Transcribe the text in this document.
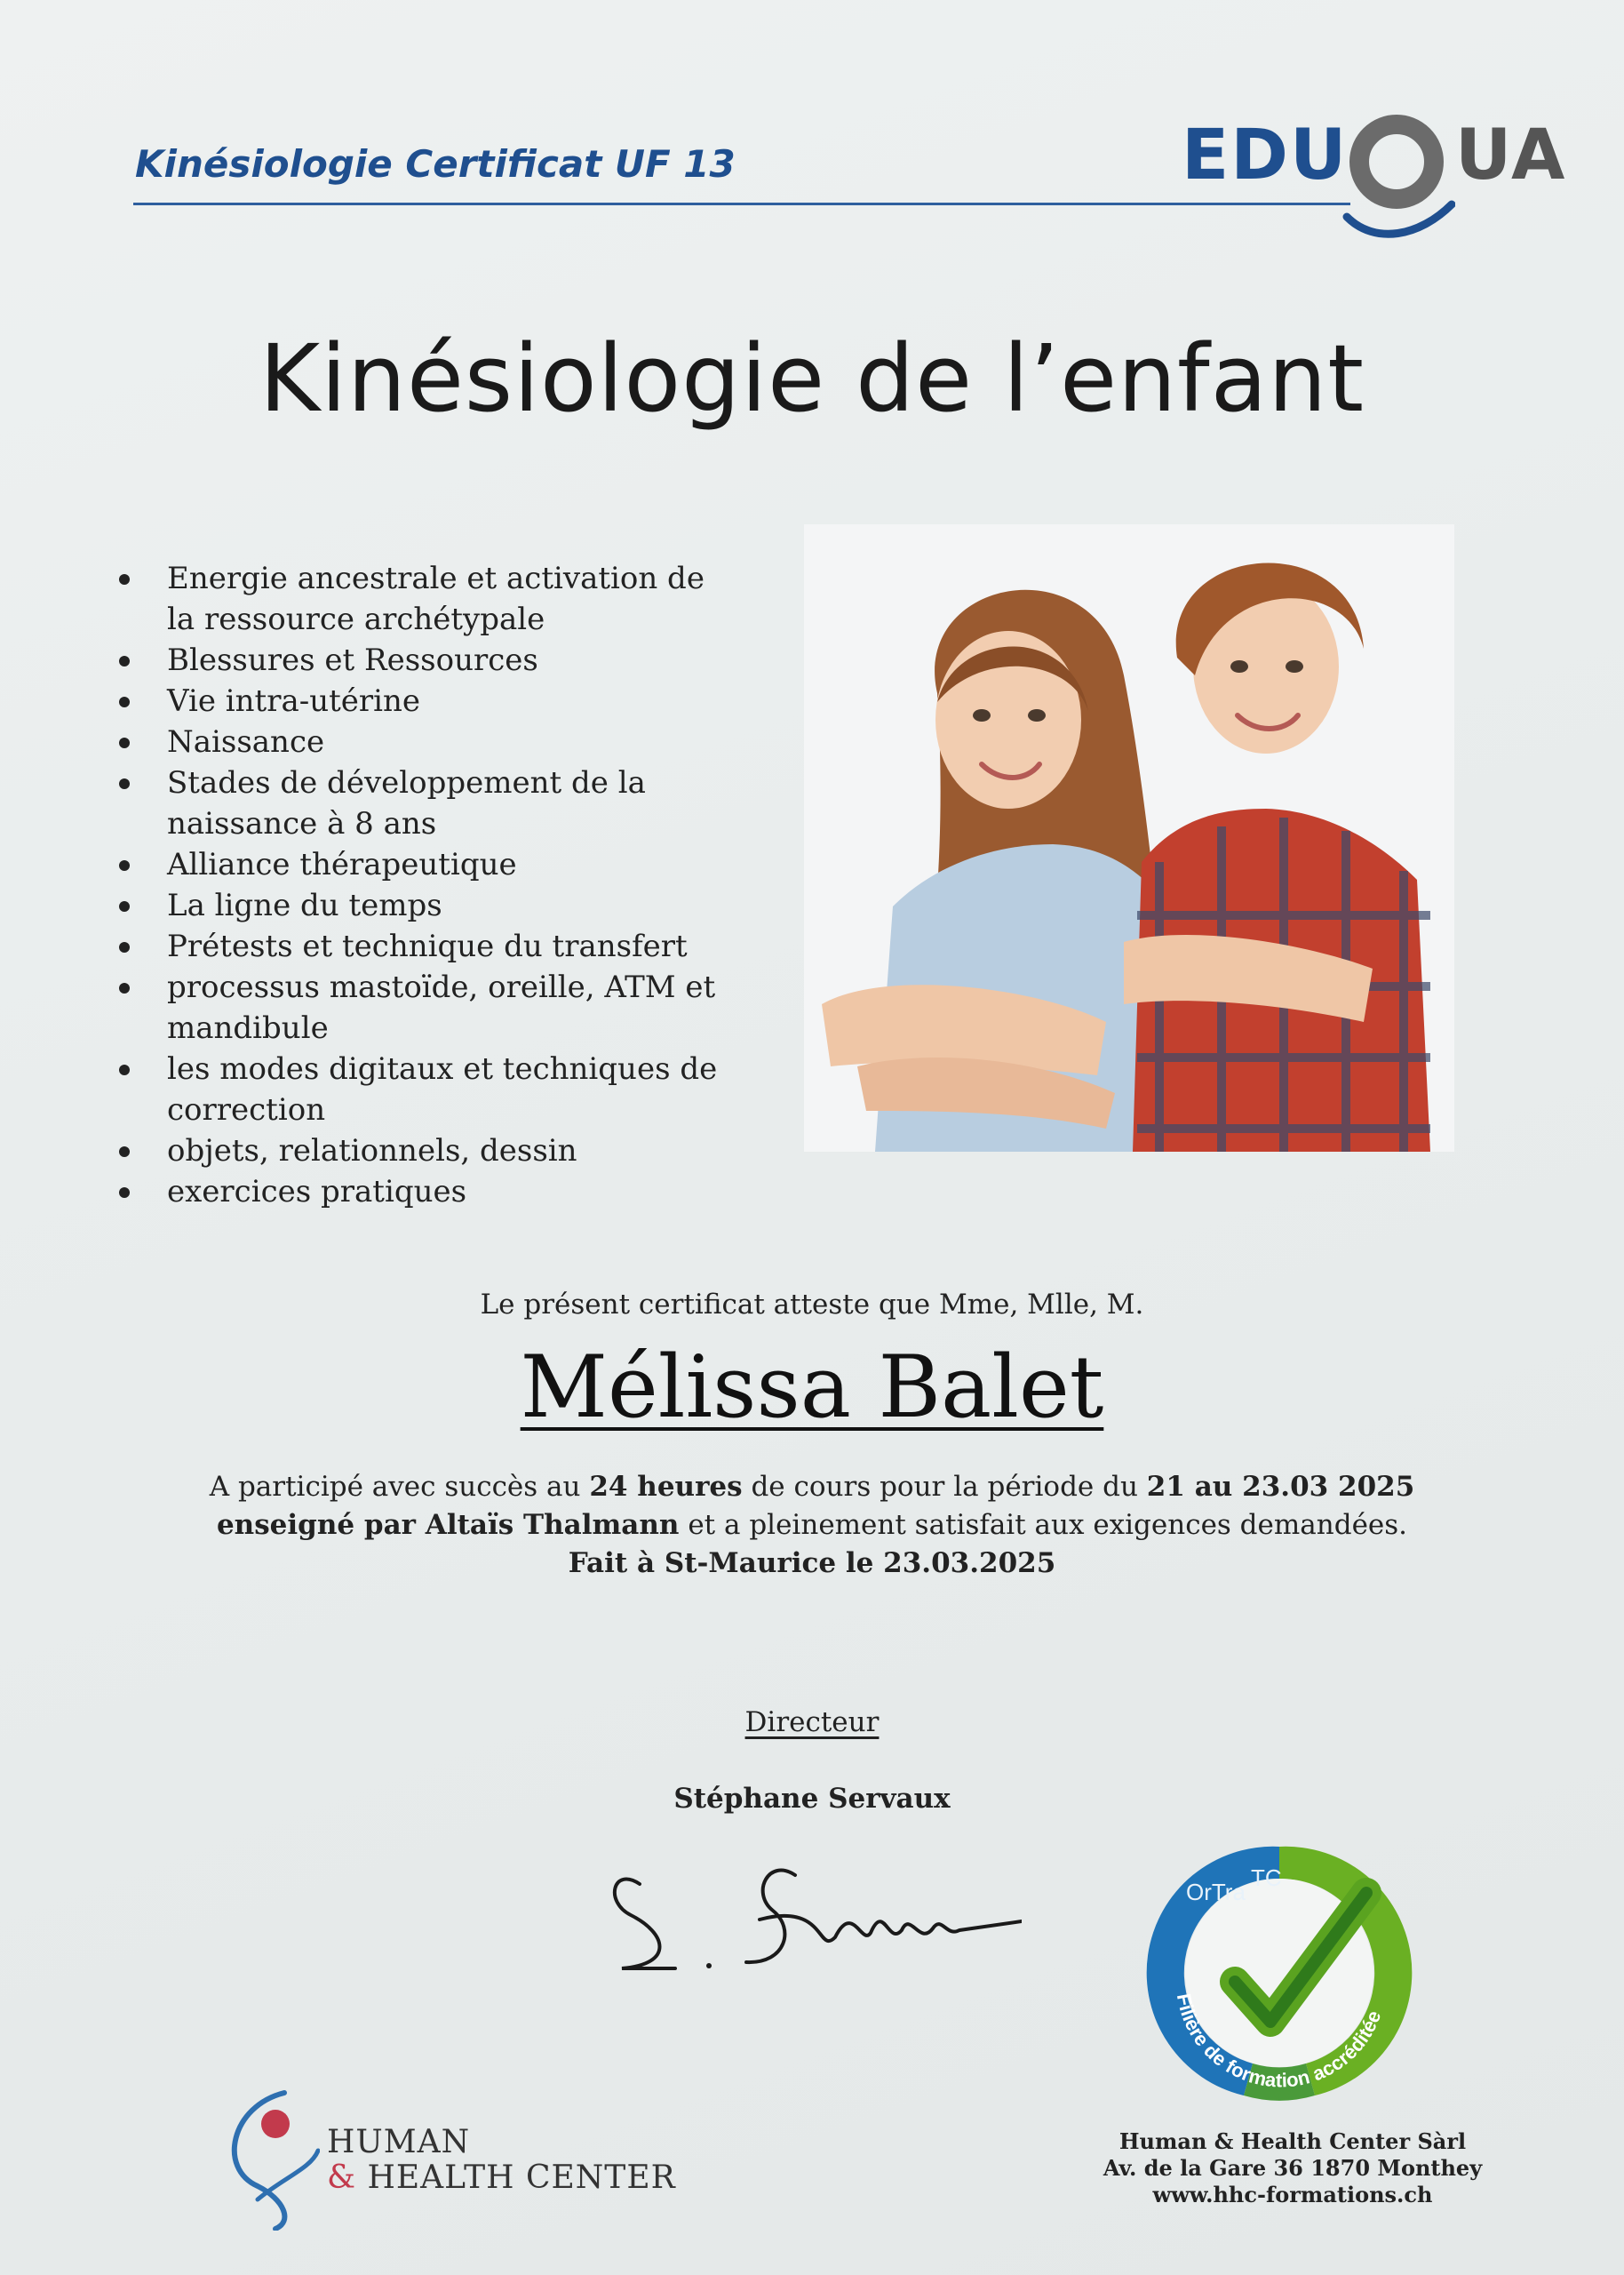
Kinésiologie Certificat UF 13	EDU UA
Kinésiologie de l’enfant
Energie ancestrale et activation de la ressource archétypale
Blessures et Ressources
Vie intra-utérine
Naissance
Stades de développement de la naissance à 8 ans
Alliance thérapeutique
La ligne du temps
Prétests et technique du transfert
processus mastoïde, oreille, ATM et mandibule
les modes digitaux et techniques de correction
objets, relationnels, dessin
exercices pratiques
Le présent certificat atteste que Mme, Mlle, M.
Mélissa Balet
A participé avec succès au 24 heures de cours pour la période du 21 au 23.03 2025
enseigné par Altaïs Thalmann et a pleinement satisfait aux exigences demandées.
Fait à St-Maurice le 23.03.2025
Directeur
Stéphane Servaux
OrTra
TC
Filière de formation accréditée
HUMAN
& HEALTH CENTER
Human & Health Center Sàrl
Av. de la Gare 36 1870 Monthey
www.hhc-formations.ch
